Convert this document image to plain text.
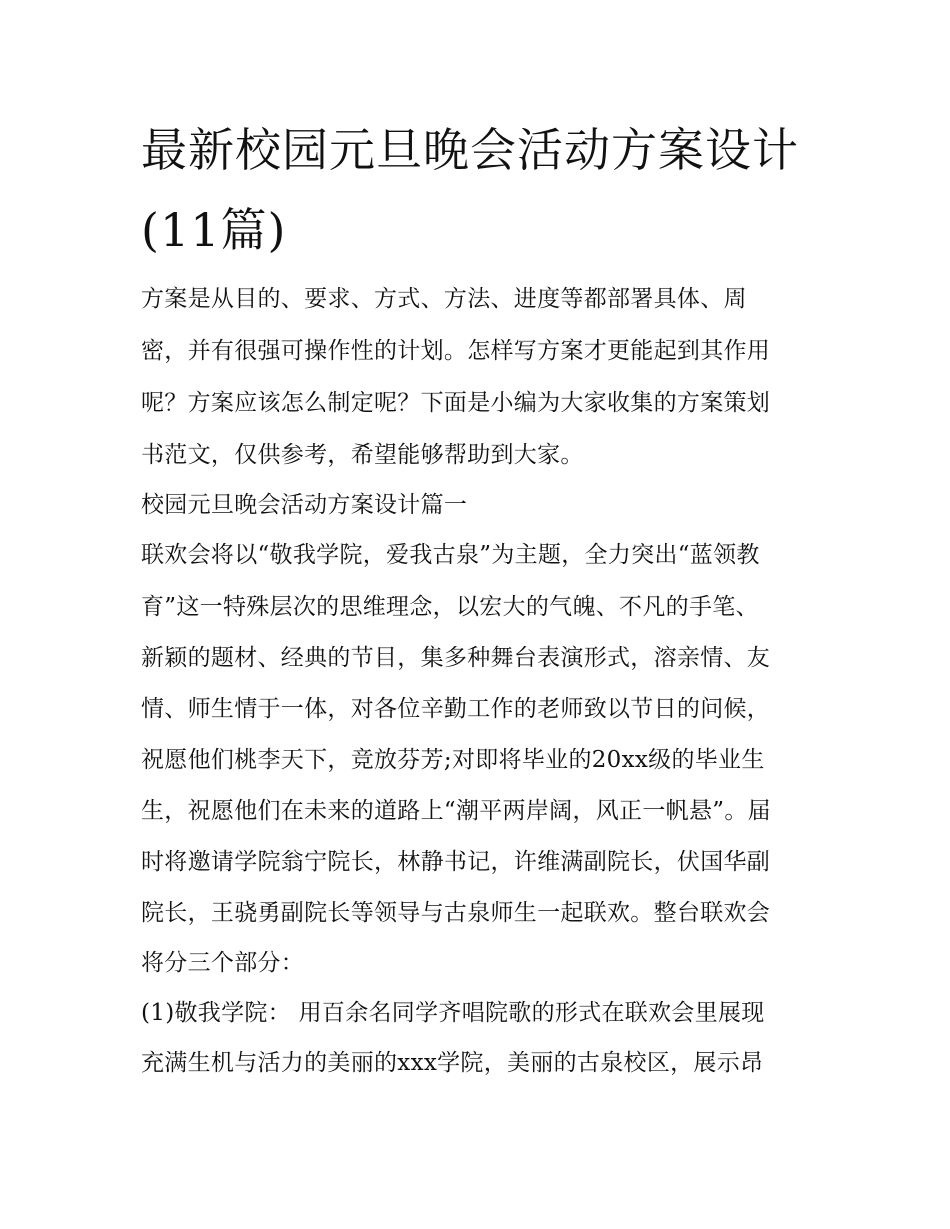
最新校园元旦晚会活动方案设计(11篇)

方案是从目的、要求、方式、方法、进度等都部署具体、周

密，并有很强可操作性的计划。怎样写方案才更能起到其作用

呢？方案应该怎么制定呢？下面是小编为大家收集的方案策划

书范文，仅供参考，希望能够帮助到大家。

校园元旦晚会活动方案设计篇一

联欢会将以“敬我学院，爱我古泉”为主题，全力突出“蓝领教

育”这一特殊层次的思维理念，以宏大的气魄、不凡的手笔、

新颖的题材、经典的节目，集多种舞台表演形式，溶亲情、友

情、师生情于一体，对各位辛勤工作的老师致以节日的问候，

祝愿他们桃李天下，竞放芬芳;对即将毕业的20xx级的毕业生

生，祝愿他们在未来的道路上“潮平两岸阔，风正一帆悬”。届

时将邀请学院翁宁院长，林静书记，许维满副院长，伏国华副

院长，王骁勇副院长等领导与古泉师生一起联欢。整台联欢会

将分三个部分：

(1)敬我学院： 用百余名同学齐唱院歌的形式在联欢会里展现

充满生机与活力的美丽的xxx学院，美丽的古泉校区，展示昂
